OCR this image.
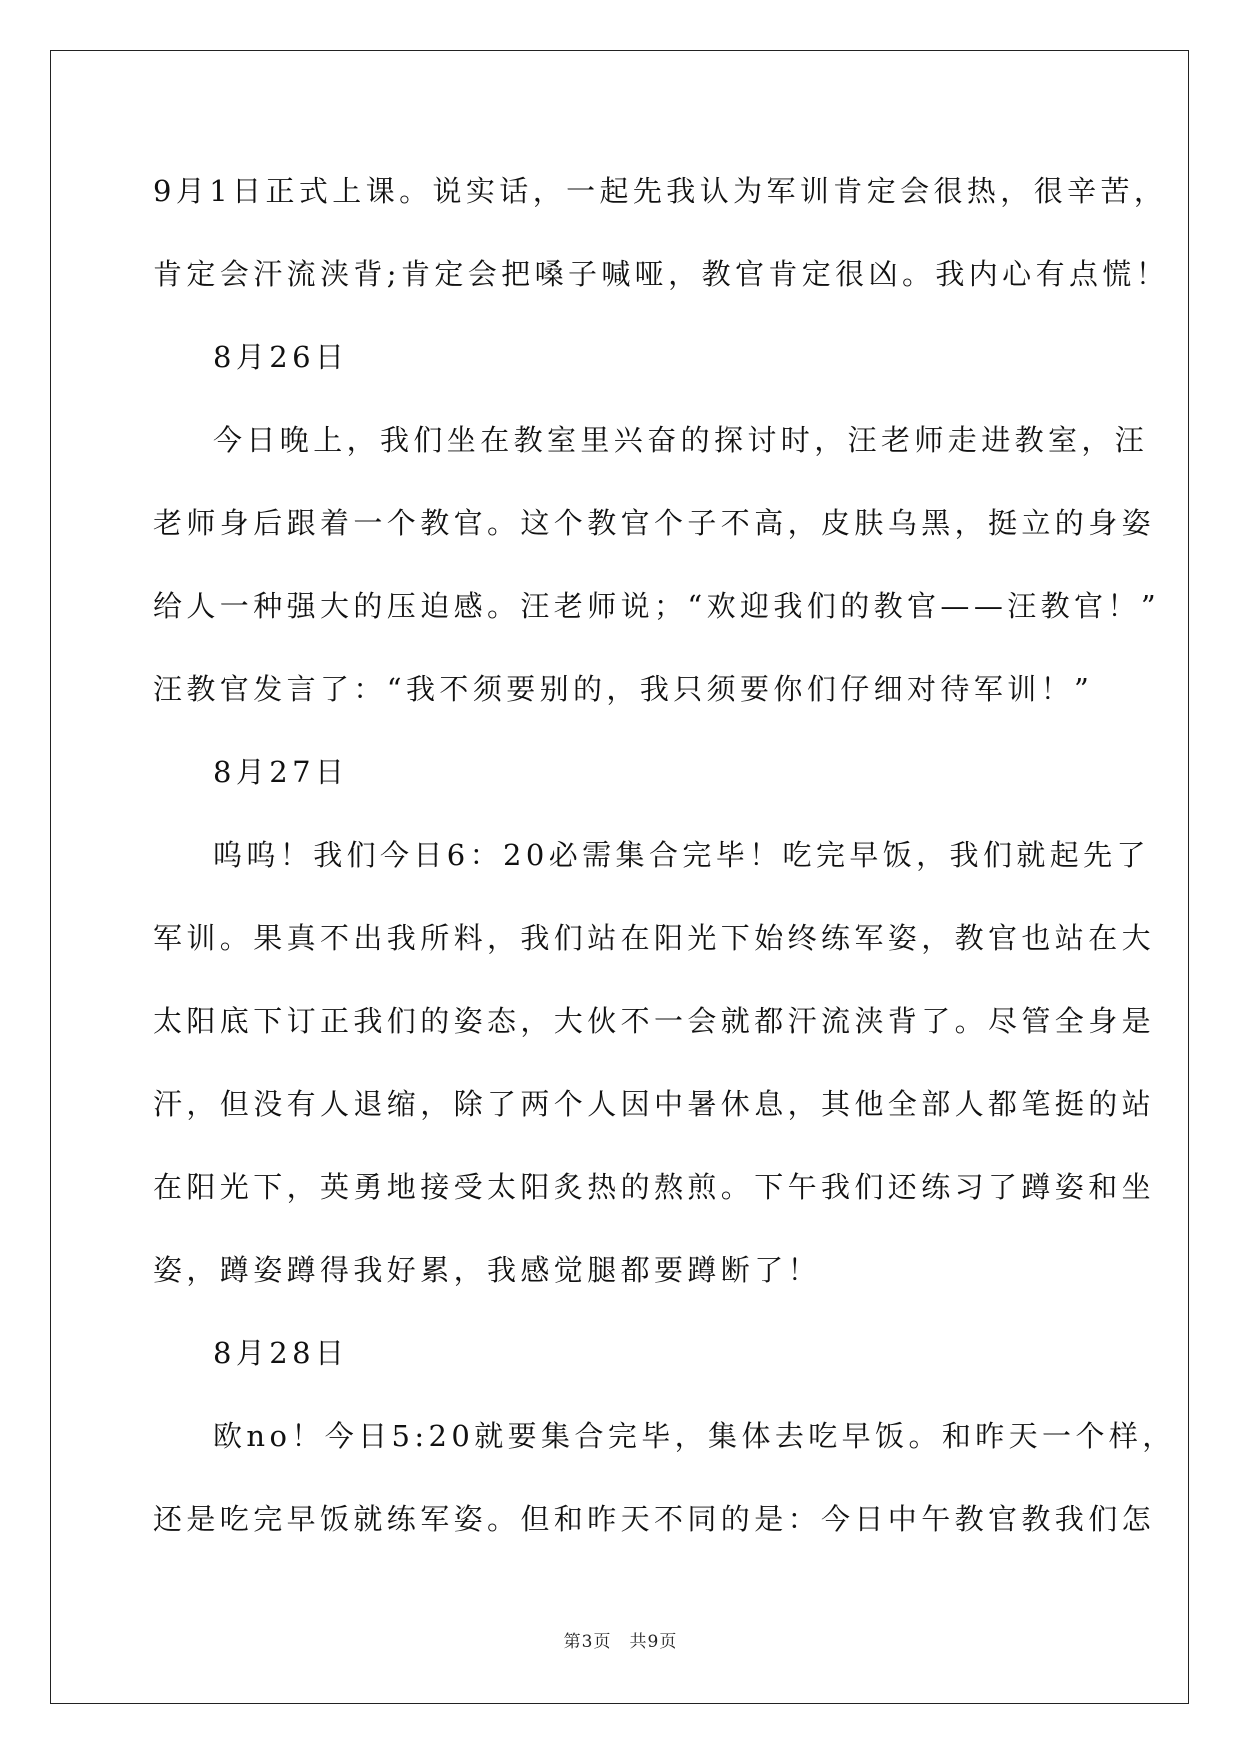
9月1日正式上课。说实话，一起先我认为军训肯定会很热，很辛苦，
肯定会汗流浃背;肯定会把嗓子喊哑，教官肯定很凶。我内心有点慌！
8月26日
今日晚上，我们坐在教室里兴奋的探讨时，汪老师走进教室，汪
老师身后跟着一个教官。这个教官个子不高，皮肤乌黑，挺立的身姿
给人一种强大的压迫感。汪老师说；“欢迎我们的教官——汪教官！”
汪教官发言了：“我不须要别的，我只须要你们仔细对待军训！”
8月27日
呜呜！我们今日6：20必需集合完毕！吃完早饭，我们就起先了
军训。果真不出我所料，我们站在阳光下始终练军姿，教官也站在大
太阳底下订正我们的姿态，大伙不一会就都汗流浃背了。尽管全身是
汗，但没有人退缩，除了两个人因中暑休息，其他全部人都笔挺的站
在阳光下，英勇地接受太阳炙热的熬煎。下午我们还练习了蹲姿和坐
姿，蹲姿蹲得我好累，我感觉腿都要蹲断了！
8月28日
欧no！今日5:20就要集合完毕，集体去吃早饭。和昨天一个样，
还是吃完早饭就练军姿。但和昨天不同的是：今日中午教官教我们怎
第3页 共9页
